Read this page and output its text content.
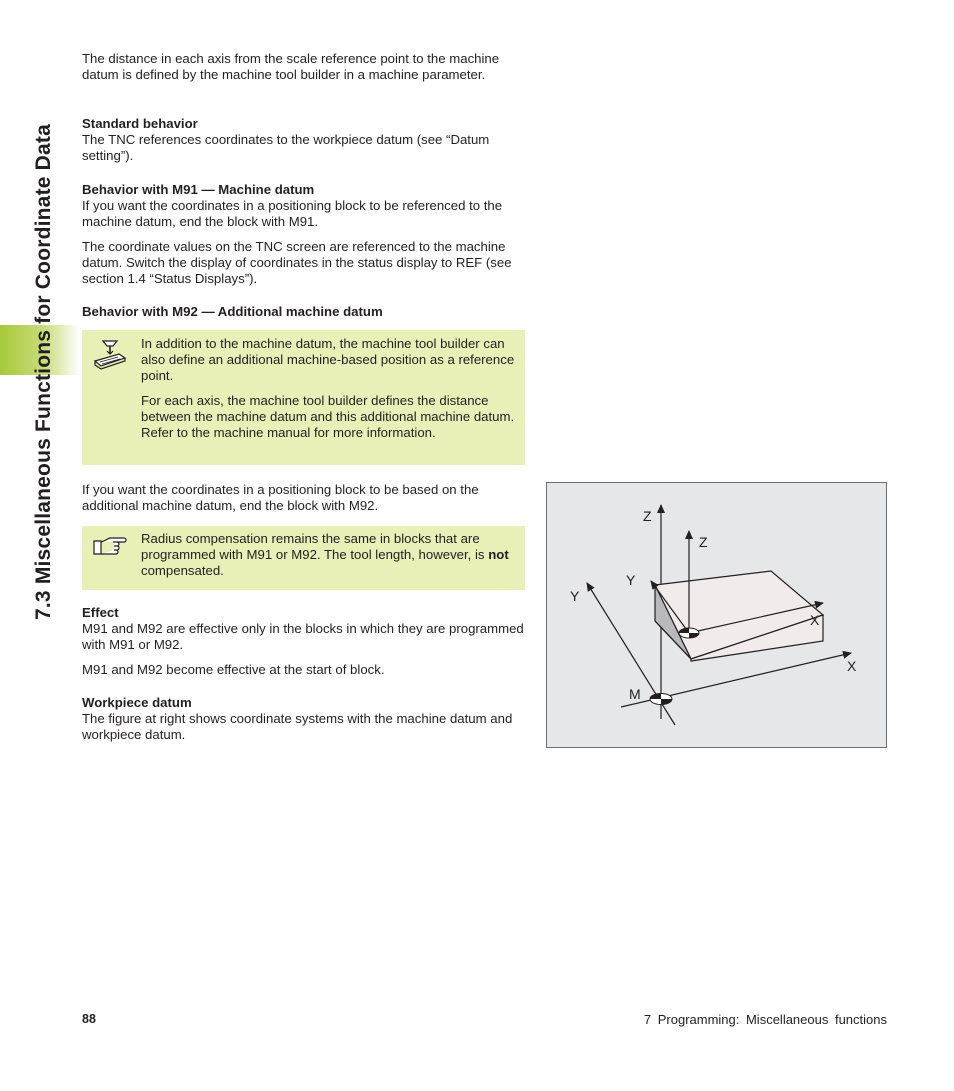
7.3 Miscellaneous Functions for Coordinate Data

The distance in each axis from the scale reference point to the machine datum is defined by the machine tool builder in a machine parameter.

Standard behavior

The TNC references coordinates to the workpiece datum (see “Datum setting”).

Behavior with M91 — Machine datum

If you want the coordinates in a positioning block to be referenced to the machine datum, end the block with M91.

The coordinate values on the TNC screen are referenced to the machine datum. Switch the display of coordinates in the status display to REF (see section 1.4 “Status Displays”).

Behavior with M92 — Additional machine datum

In addition to the machine datum, the machine tool builder can also define an additional machine-based position as a reference point.

For each axis, the machine tool builder defines the distance between the machine datum and this additional machine datum. Refer to the machine manual for more information.

If you want the coordinates in a positioning block to be based on the additional machine datum, end the block with M92.

Radius compensation remains the same in blocks that are programmed with M91 or M92. The tool length, however, is not compensated.

Effect

M91 and M92 are effective only in the blocks in which they are programmed with M91 or M92.

M91 and M92 become effective at the start of block.

Workpiece datum

The figure at right shows coordinate systems with the machine datum and workpiece datum.

Z
Z
Y
Y
X
X
M
88	7 Programming: Miscellaneous functions
